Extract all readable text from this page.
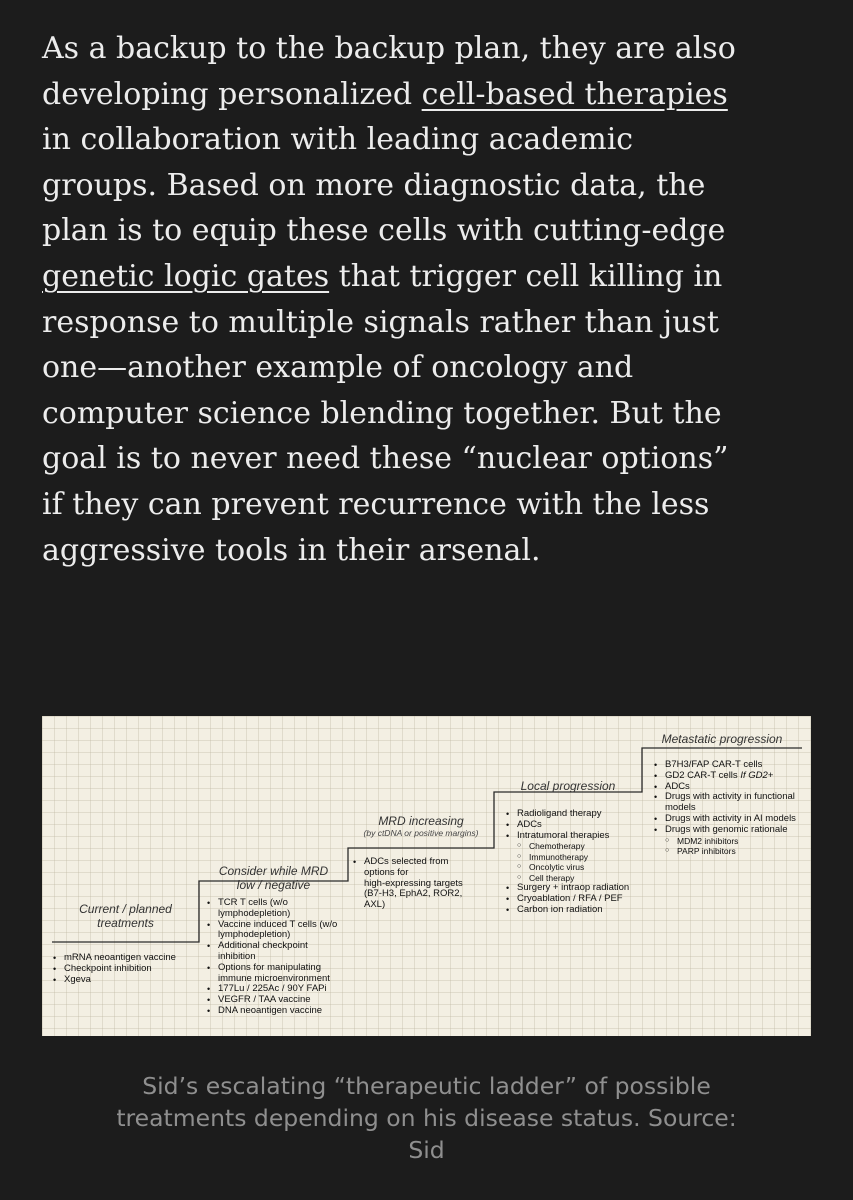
As a backup to the backup plan, they are also
developing personalized cell-based therapies
in collaboration with leading academic
groups. Based on more diagnostic data, the
plan is to equip these cells with cutting-edge
genetic logic gates that trigger cell killing in
response to multiple signals rather than just
one—another example of oncology and
computer science blending together. But the
goal is to never need these “nuclear options”
if they can prevent recurrence with the less
aggressive tools in their arsenal.
Current / planned
treatments
• mRNA neoantigen vaccine
• Checkpoint inhibition
• Xgeva
Consider while MRD
low / negative
• TCR T cells (w/o
lymphodepletion)
• Vaccine induced T cells (w/o
lymphodepletion)
• Additional checkpoint
inhibition
• Options for manipulating
immune microenvironment
• 177Lu / 225Ac / 90Y FAPi
• VEGFR / TAA vaccine
• DNA neoantigen vaccine
MRD increasing
(by ctDNA or positive margins)
• ADCs selected from
options for
high-expressing targets
(B7-H3, EphA2, ROR2,
AXL)
Local progression
• Radioligand therapy
• ADCs
• Intratumoral therapies
○ Chemotherapy
○ Immunotherapy
○ Oncolytic virus
○ Cell therapy
• Surgery + intraop radiation
• Cryoablation / RFA / PEF
• Carbon ion radiation
Metastatic progression
• B7H3/FAP CAR-T cells
• GD2 CAR-T cells If GD2+
• ADCs
• Drugs with activity in functional
models
• Drugs with activity in AI models
• Drugs with genomic rationale
○ MDM2 inhibitors
○ PARP inhibitors
Sid’s escalating “therapeutic ladder” of possible
treatments depending on his disease status. Source:
Sid
